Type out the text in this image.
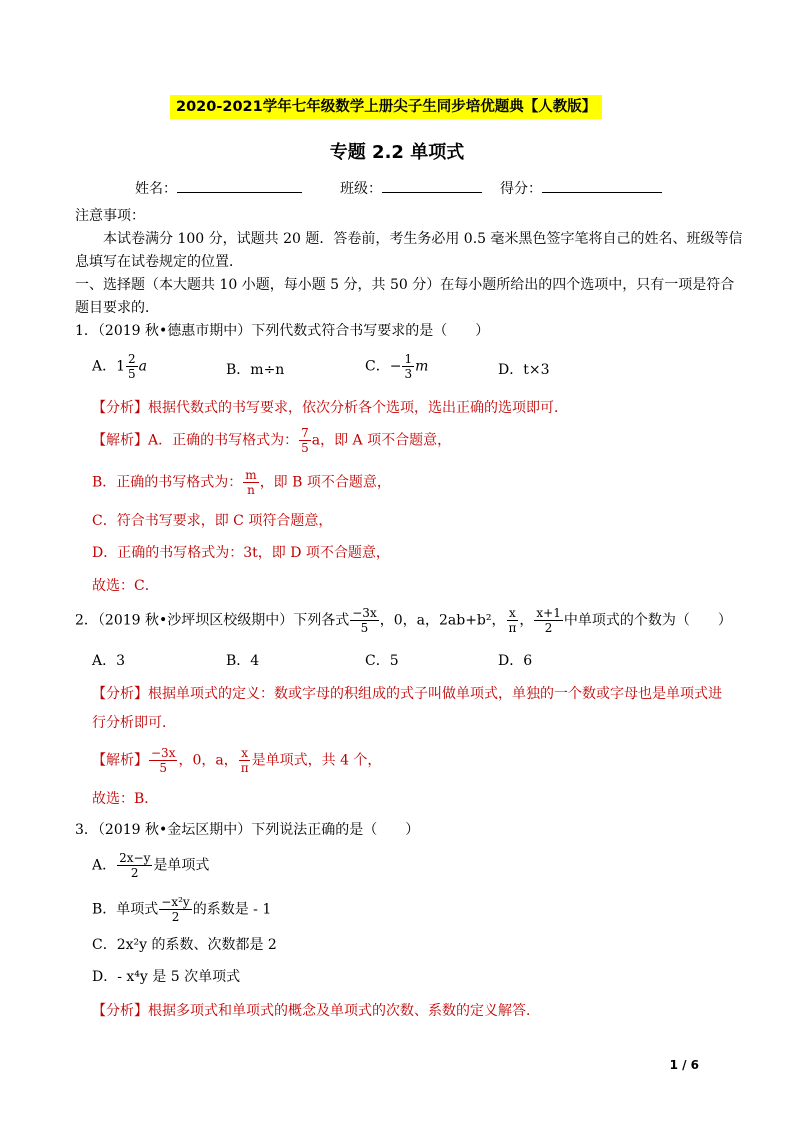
2020-2021学年七年级数学上册尖子生同步培优题典【人教版】
专题 2.2 单项式
姓名：	班级：	得分：
注意事项：
本试卷满分 100 分，试题共 20 题．答卷前，考生务必用 0.5 毫米黑色签字笔将自己的姓名、班级等信
息填写在试卷规定的位置．
一、选择题（本大题共 10 小题，每小题 5 分，共 50 分）在每小题所给出的四个选项中，只有一项是符合
题目要求的．
1．（2019 秋•德惠市期中）下列代数式符合书写要求的是（　　）
A．$1 \frac{2}{5}$ a	B．m÷n	C．− $\frac{1}{3}$ m	D．t×3
【分析】根据代数式的书写要求，依次分析各个选项，选出正确的选项即可．
【解析】A．正确的书写格式为： $\frac{7}{5}$ a，即 A 项不合题意，
B．正确的书写格式为： $\frac{m}{n}$ ，即 B 项不合题意，
C．符合书写要求，即 C 项符合题意，
D．正确的书写格式为：3t，即 D 项不合题意，
故选：C．
2．（2019 秋•沙坪坝区校级期中）下列各式 $\frac{-3x}{5}$ ，0，a，2ab+b²， $\frac{x}{\pi}$ ， $\frac{x+1}{2}$ 中单项式的个数为（　　）
A．3	B．4	C．5	D．6
【分析】根据单项式的定义：数或字母的积组成的式子叫做单项式，单独的一个数或字母也是单项式进
行分析即可．
【解析】 $\frac{-3x}{5}$ ，0，a， $\frac{x}{\pi}$ 是单项式，共 4 个，
故选：B．
3．（2019 秋•金坛区期中）下列说法正确的是（　　）
A． $\frac{2x-y}{2}$ 是单项式
B．单项式 $\frac{\text{−x²y}}{2}$ 的系数是 - 1
C．2x²y 的系数、次数都是 2
D．- x⁴y 是 5 次单项式
【分析】根据多项式和单项式的概念及单项式的次数、系数的定义解答．
1 / 6
